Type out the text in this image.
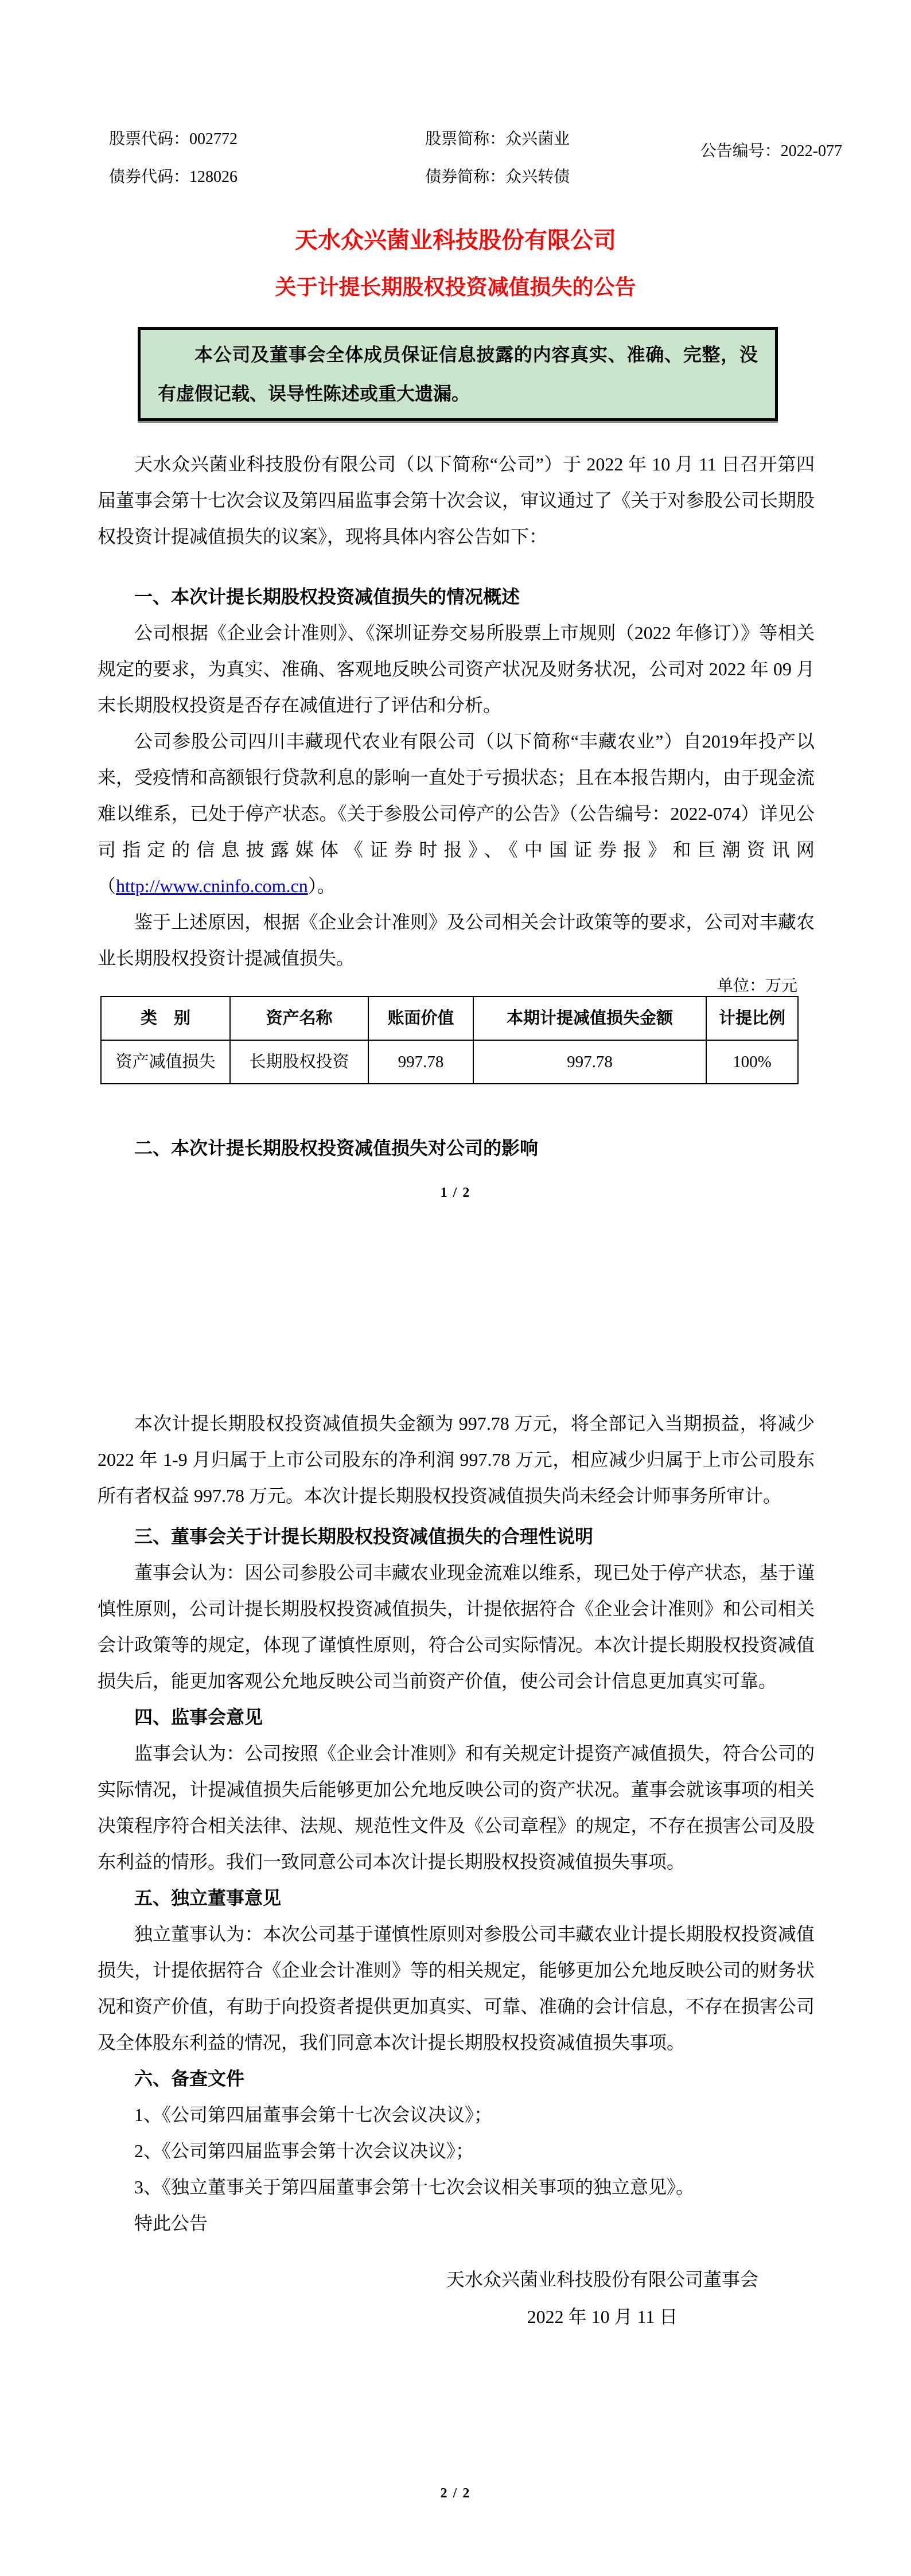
股票代码：002772
债券代码：128026
股票简称：众兴菌业
债券简称：众兴转债
公告编号：2022-077
天水众兴菌业科技股份有限公司
关于计提长期股权投资减值损失的公告
本公司及董事会全体成员保证信息披露的内容真实、准确、完整，没有虚假记载、误导性陈述或重大遗漏。

天水众兴菌业科技股份有限公司（以下简称“公司”）于 2022 年 10 月 11 日召开第四届董事会第十七次会议及第四届监事会第十次会议，审议通过了《关于对参股公司长期股权投资计提减值损失的议案》，现将具体内容公告如下：

一、本次计提长期股权投资减值损失的情况概述

公司根据《企业会计准则》、《深圳证券交易所股票上市规则（2022 年修订）》等相关规定的要求，为真实、准确、客观地反映公司资产状况及财务状况，公司对 2022 年 09 月末长期股权投资是否存在减值进行了评估和分析。

公司参股公司四川丰藏现代农业有限公司（以下简称“丰藏农业”）自2019年投产以来，受疫情和高额银行贷款利息的影响一直处于亏损状态；且在本报告期内，由于现金流难以维系，已处于停产状态。《关于参股公司停产的公告》（公告编号：2022-074）详见公司指定的信息披露媒体《证券时报》、《中国证券报》和巨潮资讯网（http://www.cninfo.com.cn）。

鉴于上述原因，根据《企业会计准则》及公司相关会计政策等的要求，公司对丰藏农业长期股权投资计提减值损失。

单位：万元
类　别	资产名称	账面价值	本期计提减值损失金额	计提比例
资产减值损失	长期股权投资	997.78	997.78	100%
二、本次计提长期股权投资减值损失对公司的影响
1 / 2

本次计提长期股权投资减值损失金额为 997.78 万元，将全部记入当期损益，将减少 2022 年 1-9 月归属于上市公司股东的净利润 997.78 万元，相应减少归属于上市公司股东所有者权益 997.78 万元。本次计提长期股权投资减值损失尚未经会计师事务所审计。

三、董事会关于计提长期股权投资减值损失的合理性说明

董事会认为：因公司参股公司丰藏农业现金流难以维系，现已处于停产状态，基于谨慎性原则，公司计提长期股权投资减值损失，计提依据符合《企业会计准则》和公司相关会计政策等的规定，体现了谨慎性原则，符合公司实际情况。本次计提长期股权投资减值损失后，能更加客观公允地反映公司当前资产价值，使公司会计信息更加真实可靠。

四、监事会意见

监事会认为：公司按照《企业会计准则》和有关规定计提资产减值损失，符合公司的实际情况，计提减值损失后能够更加公允地反映公司的资产状况。董事会就该事项的相关决策程序符合相关法律、法规、规范性文件及《公司章程》的规定，不存在损害公司及股东利益的情形。我们一致同意公司本次计提长期股权投资减值损失事项。

五、独立董事意见

独立董事认为：本次公司基于谨慎性原则对参股公司丰藏农业计提长期股权投资减值损失，计提依据符合《企业会计准则》等的相关规定，能够更加公允地反映公司的财务状况和资产价值，有助于向投资者提供更加真实、可靠、准确的会计信息，不存在损害公司及全体股东利益的情况，我们同意本次计提长期股权投资减值损失事项。

六、备查文件

1、《公司第四届董事会第十七次会议决议》；

2、《公司第四届监事会第十次会议决议》；

3、《独立董事关于第四届董事会第十七次会议相关事项的独立意见》。

特此公告

天水众兴菌业科技股份有限公司董事会
2022 年 10 月 11 日
2 / 2
